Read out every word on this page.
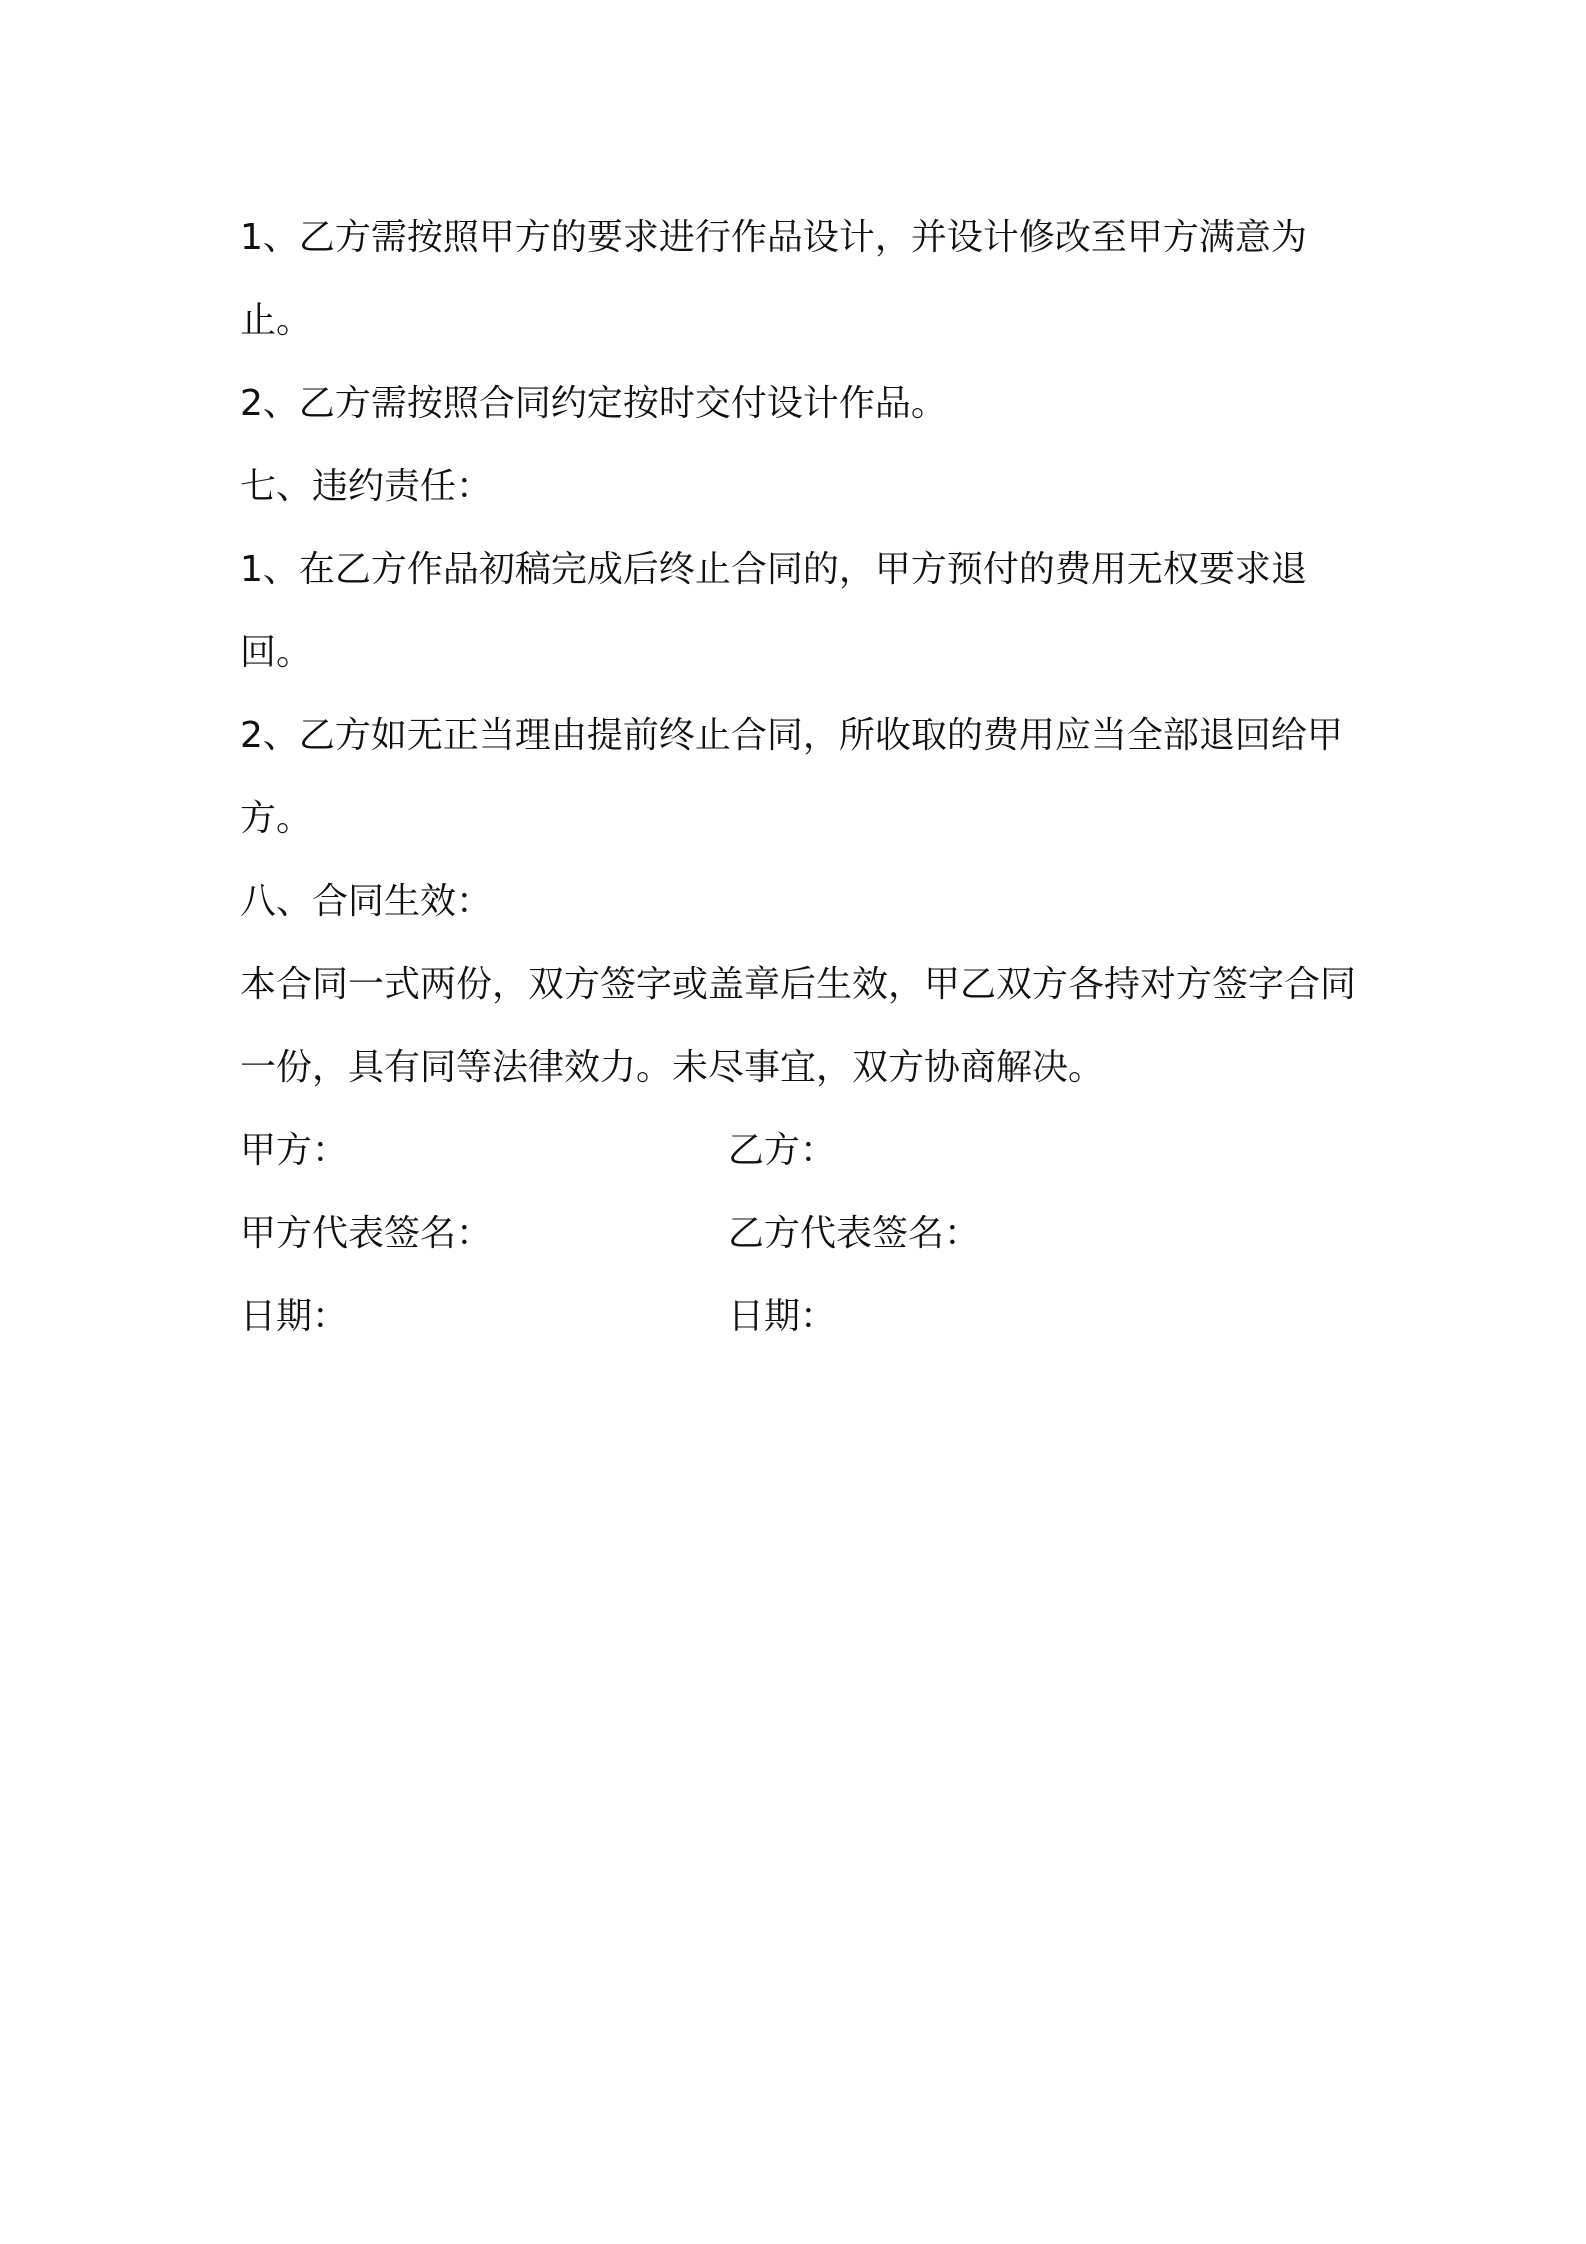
1、乙方需按照甲方的要求进行作品设计，并设计修改至甲方满意为止。

2、乙方需按照合同约定按时交付设计作品。

七、违约责任：

1、在乙方作品初稿完成后终止合同的，甲方预付的费用无权要求退回。

2、乙方如无正当理由提前终止合同，所收取的费用应当全部退回给甲方。

八、合同生效：

本合同一式两份，双方签字或盖章后生效，甲乙双方各持对方签字合同一份，具有同等法律效力。未尽事宜，双方协商解决。

甲方：	乙方：
甲方代表签名：	乙方代表签名：
日期：	日期：
